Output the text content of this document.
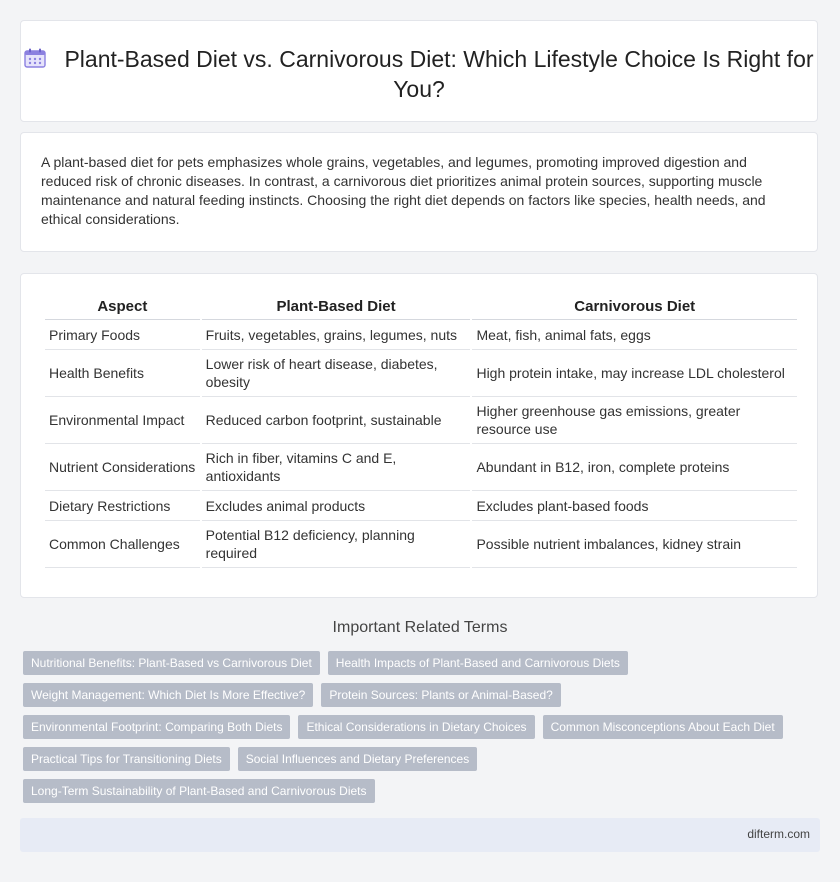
Plant-Based Diet vs. Carnivorous Diet: Which Lifestyle Choice Is Right for You?
A plant-based diet for pets emphasizes whole grains, vegetables, and legumes, promoting improved digestion and reduced risk of chronic diseases. In contrast, a carnivorous diet prioritizes animal protein sources, supporting muscle maintenance and natural feeding instincts. Choosing the right diet depends on factors like species, health needs, and ethical considerations.
Aspect	Plant-Based Diet	Carnivorous Diet
Primary Foods	Fruits, vegetables, grains, legumes, nuts	Meat, fish, animal fats, eggs
Health Benefits	Lower risk of heart disease, diabetes, obesity	High protein intake, may increase LDL cholesterol
Environmental Impact	Reduced carbon footprint, sustainable	Higher greenhouse gas emissions, greater resource use
Nutrient Considerations	Rich in fiber, vitamins C and E, antioxidants	Abundant in B12, iron, complete proteins
Dietary Restrictions	Excludes animal products	Excludes plant-based foods
Common Challenges	Potential B12 deficiency, planning required	Possible nutrient imbalances, kidney strain
Important Related Terms
Nutritional Benefits: Plant-Based vs Carnivorous Diet	Health Impacts of Plant-Based and Carnivorous Diets
Weight Management: Which Diet Is More Effective?	Protein Sources: Plants or Animal-Based?
Environmental Footprint: Comparing Both Diets	Ethical Considerations in Dietary Choices	Common Misconceptions About Each Diet
Practical Tips for Transitioning Diets	Social Influences and Dietary Preferences
Long-Term Sustainability of Plant-Based and Carnivorous Diets
difterm.com
